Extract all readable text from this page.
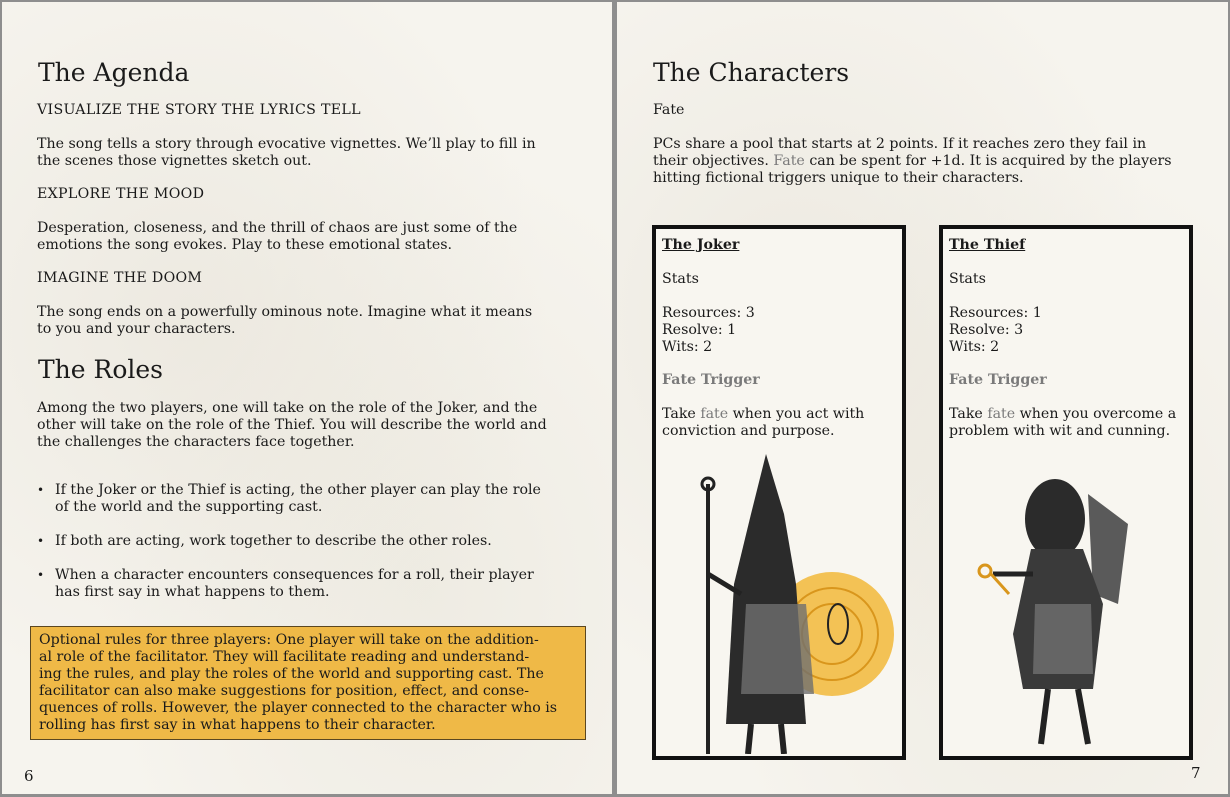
The Agenda

VISUALIZE THE STORY THE LYRICS TELL

The song tells a story through evocative vignettes. We’ll play to fill in
the scenes those vignettes sketch out.

EXPLORE THE MOOD

Desperation, closeness, and the thrill of chaos are just some of the
emotions the song evokes. Play to these emotional states.

IMAGINE THE DOOM

The song ends on a powerfully ominous note. Imagine what it means
to you and your characters.

The Roles

Among the two players, one will take on the role of the Joker, and the
other will take on the role of the Thief. You will describe the world and
the challenges the characters face together.

• If the Joker or the Thief is acting, the other player can play the role
of the world and the supporting cast.
• If both are acting, work together to describe the other roles.
• When a character encounters consequences for a roll, their player
has first say in what happens to them.
Optional rules for three players: One player will take on the addition-
al role of the facilitator. They will facilitate reading and understand-
ing the rules, and play the roles of the world and supporting cast. The
facilitator can also make suggestions for position, effect, and conse-
quences of rolls. However, the player connected to the character who is
rolling has first say in what happens to their character.
6
The Characters

Fate

PCs share a pool that starts at 2 points. If it reaches zero they fail in
their objectives. Fate can be spent for +1d. It is acquired by the players
hitting fictional triggers unique to their characters.

The Joker

Stats

Resources: 3
Resolve: 1
Wits: 2

Fate Trigger

Take fate when you act with
conviction and purpose.

The Thief

Stats

Resources: 1
Resolve: 3
Wits: 2

Fate Trigger

Take fate when you overcome a
problem with wit and cunning.

7
